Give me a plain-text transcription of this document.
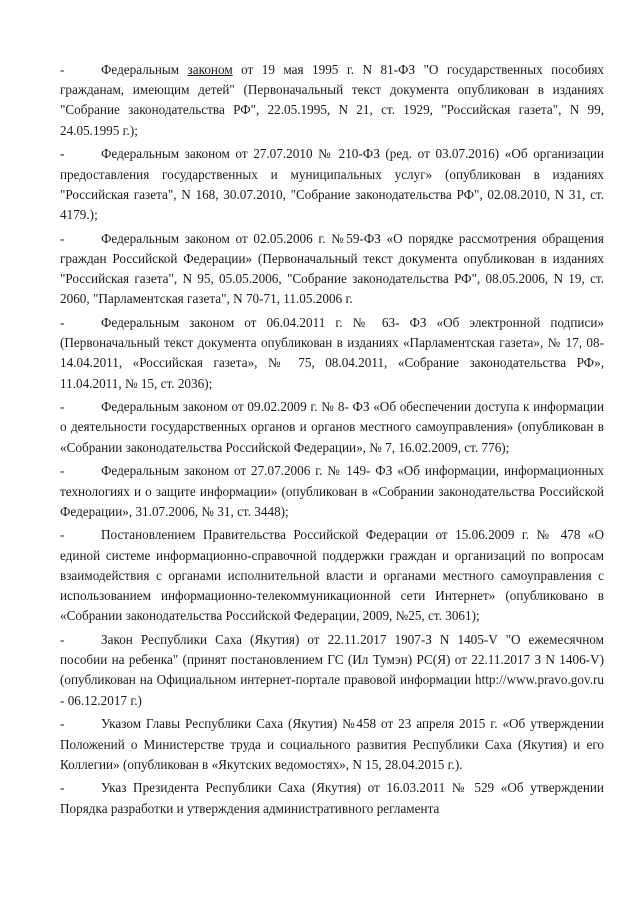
-	Федеральным законом от 19 мая 1995 г. N 81-ФЗ "О государственных пособиях гражданам, имеющим детей" (Первоначальный текст документа опубликован в изданиях "Собрание законодательства РФ", 22.05.1995, N 21, ст. 1929, "Российская газета", N 99, 24.05.1995 г.);

-	Федеральным законом от 27.07.2010 № 210-ФЗ (ред. от 03.07.2016) «Об организации предоставления государственных и муниципальных услуг» (опубликован в изданиях "Российская газета", N 168, 30.07.2010, "Собрание законодательства РФ", 02.08.2010, N 31, ст. 4179.);

-	Федеральным законом от 02.05.2006 г. №59-ФЗ «О порядке рассмотрения обращения граждан Российской Федерации» (Первоначальный текст документа опубликован в изданиях "Российская газета", N 95, 05.05.2006, "Собрание законодательства РФ", 08.05.2006, N 19, ст. 2060, "Парламентская газета", N 70-71, 11.05.2006 г.

-	Федеральным законом от 06.04.2011 г. № 63- ФЗ «Об электронной подписи» (Первоначальный текст документа опубликован в изданиях «Парламентская газета», № 17, 08-14.04.2011, «Российская газета», № 75, 08.04.2011, «Собрание законодательства РФ», 11.04.2011, № 15, ст. 2036);

-	Федеральным законом от 09.02.2009 г. № 8- ФЗ «Об обеспечении доступа к информации о деятельности государственных органов и органов местного самоуправления» (опубликован в «Собрании законодательства Российской Федерации», № 7, 16.02.2009, ст. 776);

-	Федеральным законом от 27.07.2006 г. № 149- ФЗ «Об информации, информационных технологиях и о защите информации» (опубликован в «Собрании законодательства Российской Федерации», 31.07.2006, № 31, ст. 3448);

-	Постановлением Правительства Российской Федерации от 15.06.2009 г. № 478 «О единой системе информационно-справочной поддержки граждан и организаций по вопросам взаимодействия с органами исполнительной власти и органами местного самоуправления с использованием информационно-телекоммуникационной сети Интернет» (опубликовано в «Собрании законодательства Российской Федерации, 2009, №25, ст. 3061);

-	Закон Республики Саха (Якутия) от 22.11.2017 1907-З N 1405-V "О ежемесячном пособии на ребенка" (принят постановлением ГС (Ил Тумэн) РС(Я) от 22.11.2017 З N 1406-V) (опубликован на Официальном интернет-портале правовой информации http://www.pravo.gov.ru - 06.12.2017 г.)

-	Указом Главы Республики Саха (Якутия) №458 от 23 апреля 2015 г. «Об утверждении Положений о Министерстве труда и социального развития Республики Саха (Якутия) и его Коллегии» (опубликован в «Якутских ведомостях», N 15, 28.04.2015 г.).

-	Указ Президента Республики Саха (Якутия) от 16.03.2011 № 529 «Об утверждении Порядка разработки и утверждения административного регламента
